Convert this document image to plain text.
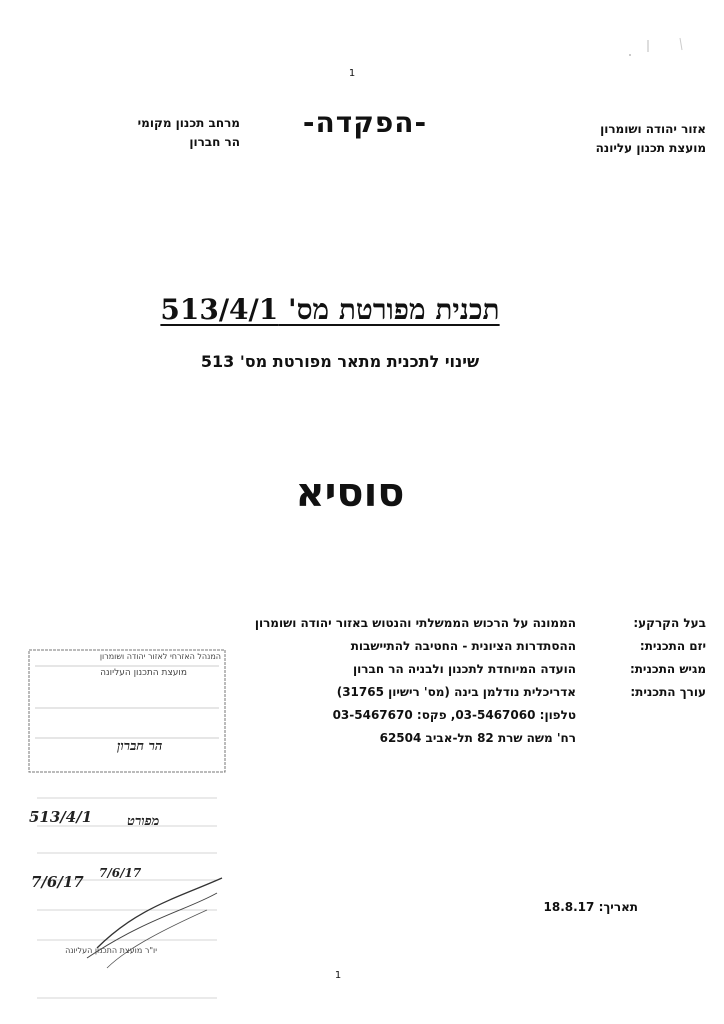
1
אזור יהודה ושומרון
מועצת תכנון עליונה
-הפקדה-
מרחב תכנון מקומי
הר חברון
תכנית מפורטת מס' 513/4/1
שינוי לתכנית מתאר מפורטת מס' 513
סוסיא
בעל הקרקע:
הממונה על הרכוש הממשלתי והנטוש באזור יהודה ושומרון
יזם התכנית:
ההסתדרות הציונית - החטיבה להתיישבות
מגיש התכנית:
הועדה המיוחדת לתכנון ולבניה הר חברון
עורך התכנית:
אדריכלית נודלמן בינה (מס' רישיון 31765)
טלפון: 03-5467060, פקס: 03-5467670
רח' משה שרת 82 תל-אביב 62504
תאריך: 18.8.17
המנהל האזרחי לאזור יהודה ושומרון
מועצת התכנון העליונה
הר חברון
513/4/1	מפורט
7/6/17 7/6/17
יו"ר מועצת התכנון העליונה
1
